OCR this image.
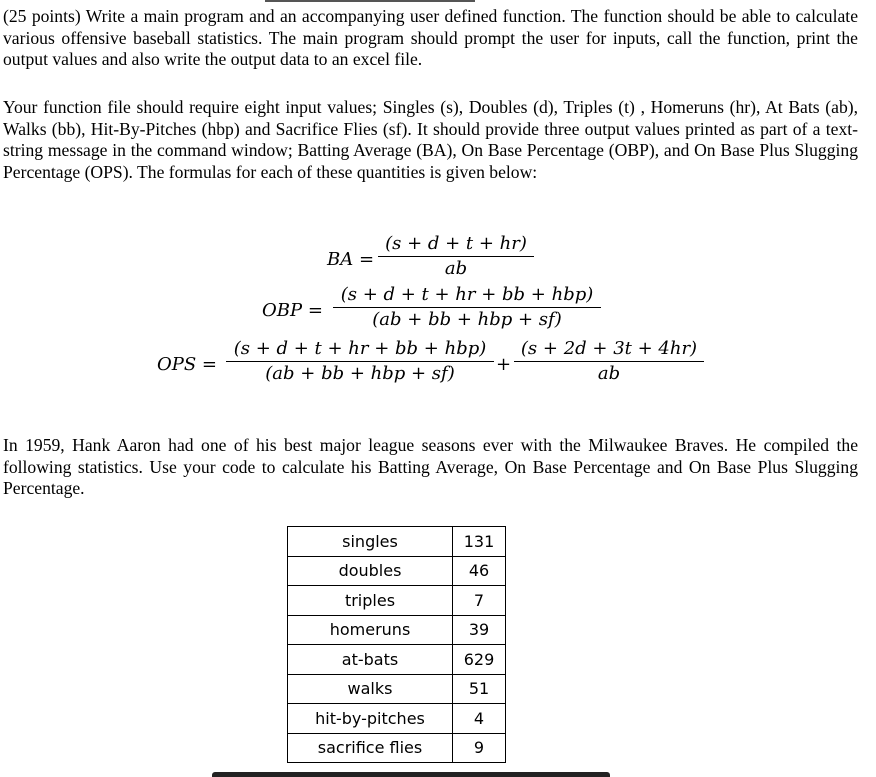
(25 points) Write a main program and an accompanying user defined function. The function should be able to calculate various offensive baseball statistics. The main program should prompt the user for inputs, call the function, print the output values and also write the output data to an excel file.

Your function file should require eight input values; Singles (s), Doubles (d), Triples (t) , Homeruns (hr), At Bats (ab), Walks (bb), Hit-By-Pitches (hbp) and Sacrifice Flies (sf). It should provide three output values printed as part of a text-string message in the command window; Batting Average (BA), On Base Percentage (OBP), and On Base Plus Slugging Percentage (OPS). The formulas for each of these quantities is given below:

BA = $\frac{(s + d + t + hr)}{ab}$
OBP =
(s + d + t + hr + bb + hbp)
(ab + bb + hbp + sf)
OPS =
(s + d + t + hr + bb + hbp)
(ab + bb + hbp + sf)	+ $\frac{(s + 2d + 3t + 4hr)}{ab}$

In 1959, Hank Aaron had one of his best major league seasons ever with the Milwaukee Braves. He compiled the following statistics. Use your code to calculate his Batting Average, On Base Percentage and On Base Plus Slugging Percentage.

singles	131
doubles	46
triples	7
homeruns	39
at-bats	629
walks	51
hit-by-pitches	4
sacrifice flies	9
